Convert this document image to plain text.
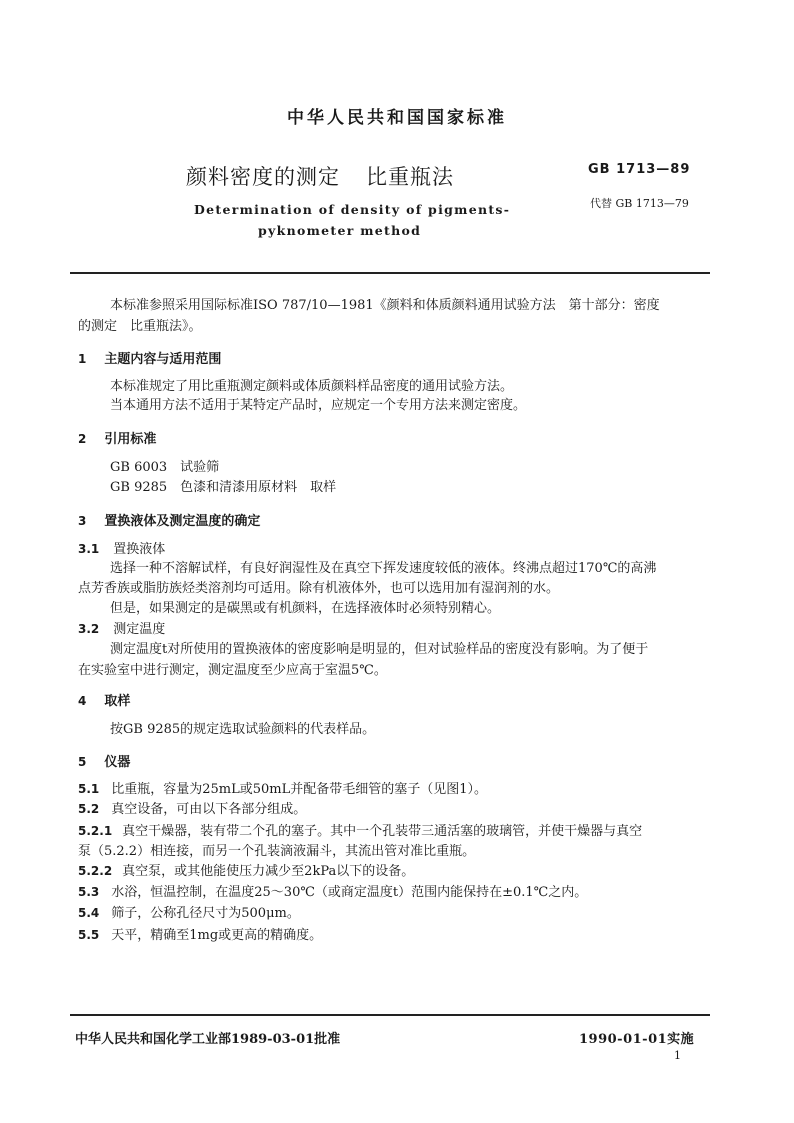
中华人民共和国国家标准
颜料密度的测定 比重瓶法	GB 1713—89
代替 GB 1713—79
Determination of density of pigments-
pyknometer method
本标准参照采用国际标准ISO 787/10—1981《颜料和体质颜料通用试验方法　第十部分：密度
的测定　比重瓶法》。
1 主题内容与适用范围
本标准规定了用比重瓶测定颜料或体质颜料样品密度的通用试验方法。
当本通用方法不适用于某特定产品时，应规定一个专用方法来测定密度。
2 引用标准
GB 6003　试验筛
GB 9285　色漆和清漆用原材料　取样
3 置换液体及测定温度的确定
3.1 置换液体
选择一种不溶解试样，有良好润湿性及在真空下挥发速度较低的液体。终沸点超过170℃的高沸
点芳香族或脂肪族烃类溶剂均可适用。除有机液体外，也可以选用加有湿润剂的水。
但是，如果测定的是碳黑或有机颜料，在选择液体时必须特别精心。
3.2 测定温度
测定温度t对所使用的置换液体的密度影响是明显的，但对试验样品的密度没有影响。为了便于
在实验室中进行测定，测定温度至少应高于室温5℃。
4 取样
按GB 9285的规定选取试验颜料的代表样品。
5 仪器
5.1 比重瓶，容量为25mL或50mL并配备带毛细管的塞子（见图1）。
5.2 真空设备，可由以下各部分组成。
5.2.1 真空干燥器，装有带二个孔的塞子。其中一个孔装带三通活塞的玻璃管，并使干燥器与真空
泵（5.2.2）相连接，而另一个孔装滴液漏斗，其流出管对准比重瓶。
5.2.2 真空泵，或其他能使压力减少至2kPa以下的设备。
5.3 水浴，恒温控制，在温度25～30℃（或商定温度t）范围内能保持在±0.1℃之内。
5.4 筛子，公称孔径尺寸为500μm。
5.5 天平，精确至1mg或更高的精确度。
中华人民共和国化学工业部1989-03-01批准	1990-01-01实施
1
